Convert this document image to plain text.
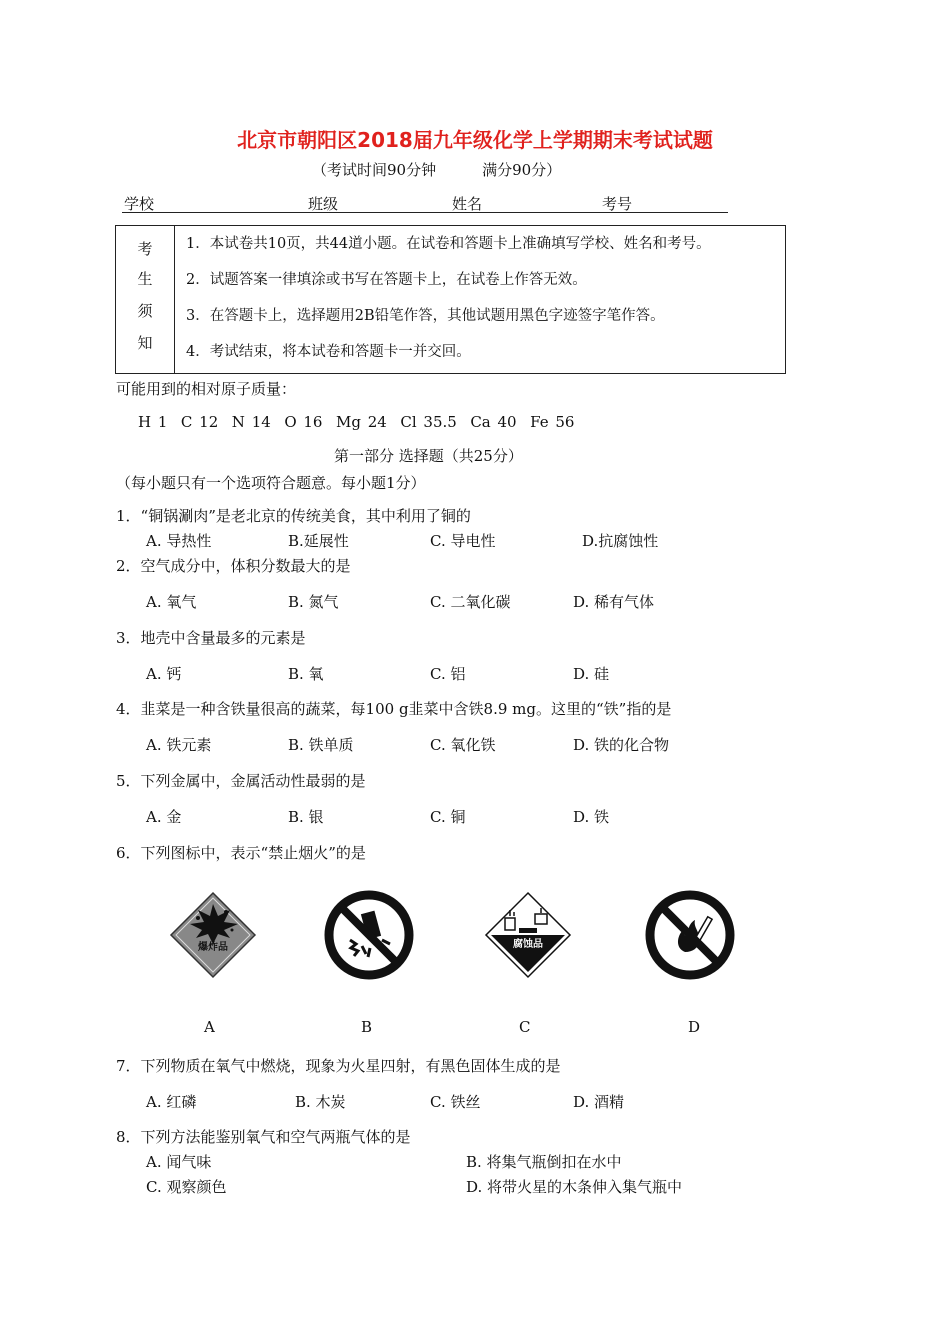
北京市朝阳区2018届九年级化学上学期期末考试试题
（考试时间90分钟	满分90分）
学校	班级	姓名	考号
考
生
须
知
1．本试卷共10页，共44道小题。在试卷和答题卡上准确填写学校、姓名和考号。
2．试题答案一律填涂或书写在答题卡上，在试卷上作答无效。
3．在答题卡上，选择题用2B铅笔作答，其他试题用黑色字迹签字笔作答。
4．考试结束，将本试卷和答题卡一并交回。
可能用到的相对原子质量：
H 1  C 12  N 14  O 16  Mg 24  Cl 35.5  Ca 40  Fe 56
第一部分 选择题（共25分）
（每小题只有一个选项符合题意。每小题1分）
1．“铜锅涮肉”是老北京的传统美食，其中利用了铜的
A. 导热性	B.延展性	C. 导电性	D.抗腐蚀性
2．空气成分中，体积分数最大的是
A. 氧气	B. 氮气	C. 二氧化碳	D. 稀有气体
3．地壳中含量最多的元素是
A. 钙	B. 氧	C. 铝	D. 硅
4．韭菜是一种含铁量很高的蔬菜，每100 g韭菜中含铁8.9 mg。这里的“铁”指的是
A. 铁元素	B. 铁单质	C. 氧化铁	D. 铁的化合物
5．下列金属中，金属活动性最弱的是
A. 金	B. 银	C. 铜	D. 铁
6．下列图标中，表示“禁止烟火”的是
爆炸品	腐蚀品
A	B	C	D
7．下列物质在氧气中燃烧，现象为火星四射，有黑色固体生成的是
A. 红磷	B. 木炭	C. 铁丝	D. 酒精
8．下列方法能鉴别氧气和空气两瓶气体的是
A. 闻气味	B. 将集气瓶倒扣在水中
C. 观察颜色	D. 将带火星的木条伸入集气瓶中
